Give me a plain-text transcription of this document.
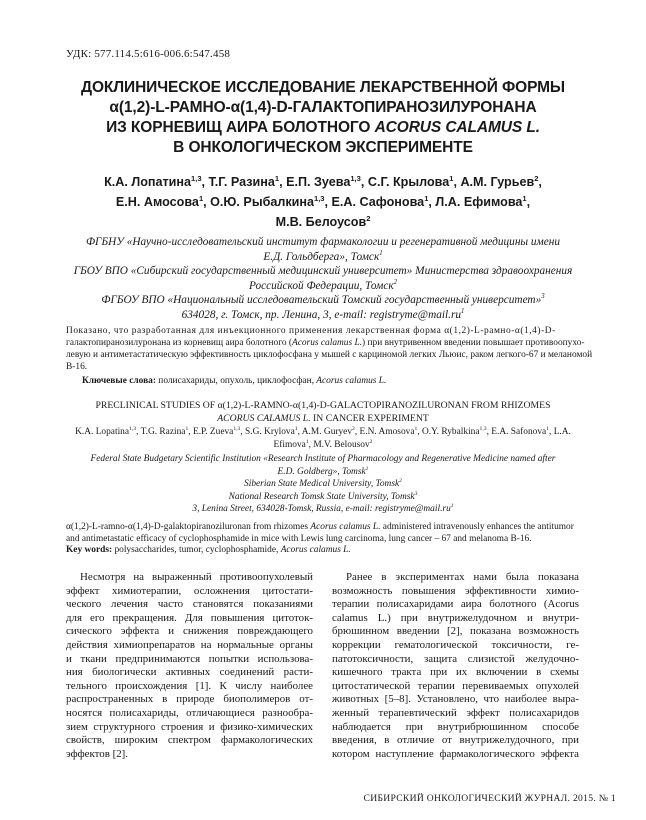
УДК: 577.114.5:616-006.6:547.458
ДОКЛИНИЧЕСКОЕ ИССЛЕДОВАНИЕ ЛЕКАРСТВЕННОЙ ФОРМЫ
α(1,2)-L-РАМНО-α(1,4)-D-ГАЛАКТОПИРАНОЗИЛУРОНАНА
ИЗ КОРНЕВИЩ АИРА БОЛОТНОГО ACORUS CALAMUS L.
В ОНКОЛОГИЧЕСКОМ ЭКСПЕРИМЕНТЕ
К.А. Лопатина$^{1,3}$, Т.Г. Разина$^1$, Е.П. Зуева$^{1,3}$, С.Г. Крылова$^1$, А.М. Гурьев$^2$,
Е.Н. Амосова$^1$, О.Ю. Рыбалкина$^{1,3}$, Е.А. Сафонова$^1$, Л.А. Ефимова$^1$,
М.В. Белоусов$^2$
ФГБНУ «Научно-исследовательский институт фармакологии и регенеративной медицины имени
Е.Д. Гольдберга», Томск$^1$
ГБОУ ВПО «Сибирский государственный медицинский университет» Министерства здравоохранения
Российской Федерации, Томск$^2$
ФГБОУ ВПО «Национальный исследовательский Томский государственный университет»$^3$
634028, г. Томск, пр. Ленина, 3, e-mail: $registryme@mail.ru^1$
Показано, что разработанная для инъекционного применения лекарственная форма α(1,2)-L-рамно-α(1,4)-D-
галактопиранозилуронана из корневищ аира болотного (Acorus calamus L.) при внутривенном введении повышает противоопухо-
левую и антиметастатическую эффективность циклофосфана у мышей с карциномой легких Льюис, раком легкого-67 и меланомой
В-16.
Ключевые слова: полисахариды, опухоль, циклофосфан, Acorus calamus L.
PRECLINICAL STUDIES OF α(1,2)-L-RAMNO-α(1,4)-D-GALACTOPIRANOZILURONAN FROM RHIZOMES
ACORUS CALAMUS L. IN CANCER EXPERIMENT
K.A. Lopatina$^{1,3}$, T.G. Razina$^1$, E.P. Zueva$^{1,3}$, S.G. Krylova$^1$, A.M. Guryev$^2$, E.N. Amosova$^1$, O.Y. Rybalkina$^{1,3}$, E.A. Safonova$^1$, L.A.
Efimova$^1$, M.V. Belousov$^2$
Federal State Budgetary Scientific Institution «Research Institute of Pharmacology and Regenerative Medicine named after
E.D. Goldberg», Tomsk$^1$
Siberian State Medical University, Tomsk$^2$
National Research Tomsk State University, Tomsk$^3$
3, Lenina Street, 634028-Tomsk, Russia, e-mail: $registryme@mail.ru^1$
α(1,2)-L-ramno-α(1,4)-D-galaktopiranozilurоnan from rhizomes Acorus calamus L. administered intravenously enhances the antitumor
and antimetastatic efficacy of cyclophosphamide in mice with Lewis lung carcinoma, lung cancer – 67 and melanoma В-16.
Key words: polysaccharides, tumor, cyclophosphamide, Acorus calamus L.
Несмотря на выраженный противоопухолевый
эффект химиотерапии, осложнения цитостати-
ческого лечения часто становятся показаниями
для его прекращения. Для повышения цитоток-
сического эффекта и снижения повреждающего
действия химиопрепаратов на нормальные органы
и ткани предпринимаются попытки использова-
ния биологически активных соединений расти-
тельного происхождения [1]. К числу наиболее
распространенных в природе биополимеров от-
носятся полисахариды, отличающиеся разнообра-
зием структурного строения и физико-химических
свойств, широким спектром фармакологических
эффектов [2].
Ранее в экспериментах нами была показана
возможность повышения эффективности химио-
терапии полисахаридами аира болотного (Acorus
calamus L.) при внутрижелудочном и внутри-
брюшинном введении [2], показана возможность
коррекции гематологической токсичности, ге-
патотоксичности, защита слизистой желудочно-
кишечного тракта при их включении в схемы
цитостатической терапии перевиваемых опухолей
животных [5–8]. Установлено, что наиболее выра-
женный терапевтический эффект полисахаридов
наблюдается при внутрибрюшинном способе
введения, в отличие от внутрижелудочного, при
котором наступление фармакологического эффекта
СИБИРСКИЙ ОНКОЛОГИЧЕСКИЙ ЖУРНАЛ. 2015. № 1
